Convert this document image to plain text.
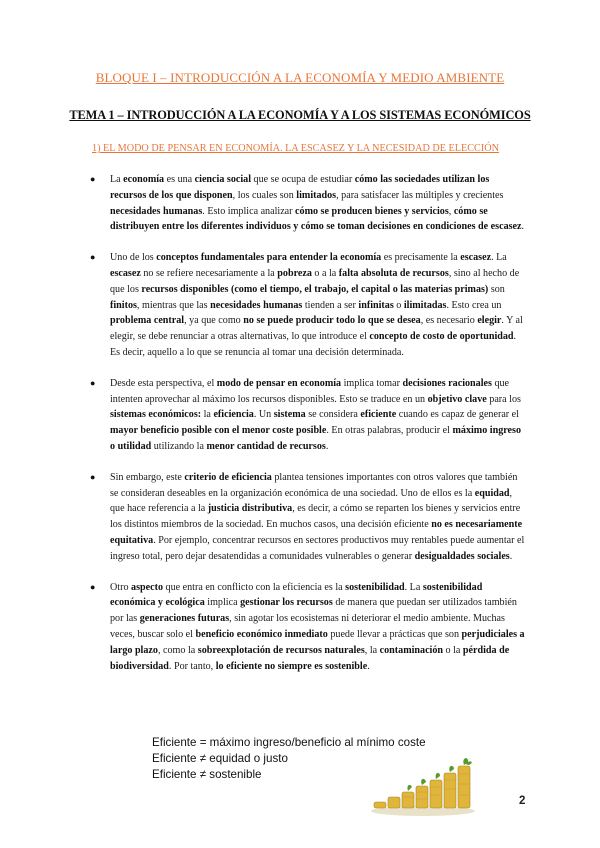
BLOQUE I – INTRODUCCIÓN A LA ECONOMÍA Y MEDIO AMBIENTE
TEMA 1 – INTRODUCCIÓN A LA ECONOMÍA Y A LOS SISTEMAS ECONÓMICOS
1) EL MODO DE PENSAR EN ECONOMÍA. LA ESCASEZ Y LA NECESIDAD DE ELECCIÓN
● La economía es una ciencia social que se ocupa de estudiar cómo las sociedades utilizan los recursos de los que disponen, los cuales son limitados, para satisfacer las múltiples y crecientes necesidades humanas. Esto implica analizar cómo se producen bienes y servicios, cómo se distribuyen entre los diferentes individuos y cómo se toman decisiones en condiciones de escasez.
● Uno de los conceptos fundamentales para entender la economía es precisamente la escasez. La escasez no se refiere necesariamente a la pobreza o a la falta absoluta de recursos, sino al hecho de que los recursos disponibles (como el tiempo, el trabajo, el capital o las materias primas) son finitos, mientras que las necesidades humanas tienden a ser infinitas o ilimitadas. Esto crea un problema central, ya que como no se puede producir todo lo que se desea, es necesario elegir. Y al elegir, se debe renunciar a otras alternativas, lo que introduce el concepto de costo de oportunidad. Es decir, aquello a lo que se renuncia al tomar una decisión determinada.
● Desde esta perspectiva, el modo de pensar en economía implica tomar decisiones racionales que intenten aprovechar al máximo los recursos disponibles. Esto se traduce en un objetivo clave para los sistemas económicos: la eficiencia. Un sistema se considera eficiente cuando es capaz de generar el mayor beneficio posible con el menor coste posible. En otras palabras, producir el máximo ingreso o utilidad utilizando la menor cantidad de recursos.
● Sin embargo, este criterio de eficiencia plantea tensiones importantes con otros valores que también se consideran deseables en la organización económica de una sociedad. Uno de ellos es la equidad, que hace referencia a la justicia distributiva, es decir, a cómo se reparten los bienes y servicios entre los distintos miembros de la sociedad. En muchos casos, una decisión eficiente no es necesariamente equitativa. Por ejemplo, concentrar recursos en sectores productivos muy rentables puede aumentar el ingreso total, pero dejar desatendidas a comunidades vulnerables o generar desigualdades sociales.
● Otro aspecto que entra en conflicto con la eficiencia es la sostenibilidad. La sostenibilidad económica y ecológica implica gestionar los recursos de manera que puedan ser utilizados también por las generaciones futuras, sin agotar los ecosistemas ni deteriorar el medio ambiente. Muchas veces, buscar solo el beneficio económico inmediato puede llevar a prácticas que son perjudiciales a largo plazo, como la sobreexplotación de recursos naturales, la contaminación o la pérdida de biodiversidad. Por tanto, lo eficiente no siempre es sostenible.
Eficiente = máximo ingreso/beneficio al mínimo coste
Eficiente ≠ equidad o justo
Eficiente ≠ sostenible
2
